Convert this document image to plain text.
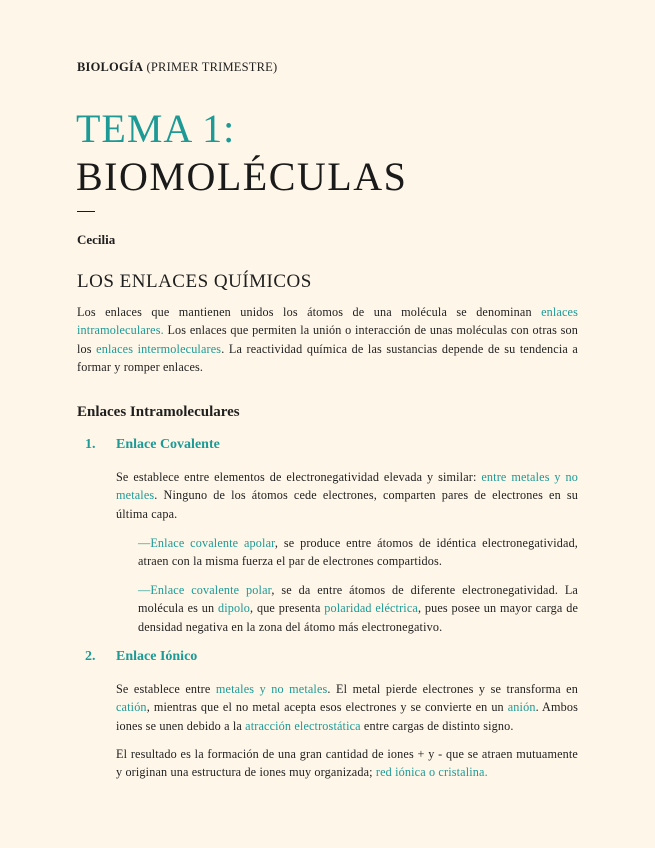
BIOLOGÍA (PRIMER TRIMESTRE)
TEMA 1:
BIOMOLÉCULAS
Cecilia
LOS ENLACES QUÍMICOS
Los enlaces que mantienen unidos los átomos de una molécula se denominan enlaces intramoleculares. Los enlaces que permiten la unión o interacción de unas moléculas con otras son los enlaces intermoleculares. La reactividad química de las sustancias depende de su tendencia a formar y romper enlaces.
Enlaces Intramoleculares
1. Enlace Covalente
Se establece entre elementos de electronegatividad elevada y similar: entre metales y no metales. Ninguno de los átomos cede electrones, comparten pares de electrones en su última capa.
—Enlace covalente apolar, se produce entre átomos de idéntica electronegatividad, atraen con la misma fuerza el par de electrones compartidos.
—Enlace covalente polar, se da entre átomos de diferente electronegatividad. La molécula es un dipolo, que presenta polaridad eléctrica, pues posee un mayor carga de densidad negativa en la zona del átomo más electronegativo.
2. Enlace Iónico
Se establece entre metales y no metales. El metal pierde electrones y se transforma en catión, mientras que el no metal acepta esos electrones y se convierte en un anión. Ambos iones se unen debido a la atracción electrostática entre cargas de distinto signo.
El resultado es la formación de una gran cantidad de iones + y - que se atraen mutuamente y originan una estructura de iones muy organizada; red iónica o cristalina.
